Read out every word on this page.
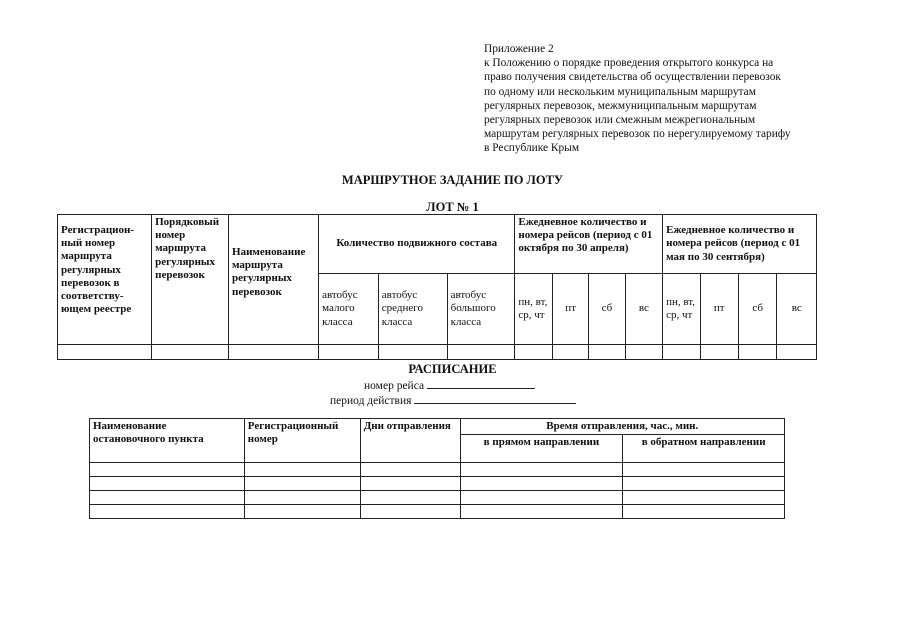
Приложение 2
к Положению о порядке проведения открытого конкурса на
право получения свидетельства об осуществлении перевозок
по одному или нескольким муниципальным маршрутам
регулярных перевозок, межмуниципальным маршрутам
регулярных перевозок или смежным межрегиональным
маршрутам регулярных перевозок по нерегулируемому тарифу
в Республике Крым
МАРШРУТНОЕ ЗАДАНИЕ ПО ЛОТУ
ЛОТ № 1
Регистрацион-ный номер маршрута регулярных перевозок в соответству-ющем реестре	Порядковый номер маршрута регулярных перевозок	Наименование маршрута регулярных перевозок	Количество подвижного состава			Ежедневное количество и номера рейсов (период с 01 октября по 30 апреля)				Ежедневное количество и номера рейсов (период с 01 мая по 30 сентября)			
			автобус малого класса	автобус среднего класса	автобус большого класса	пн, вт, ср, чт	пт	сб	вс	пн, вт, ср, чт	пт	сб	вс

РАСПИСАНИЕ
номер рейса
период действия
Наименование остановочного пункта	Регистрационный номер	Дни отправления	Время отправления, час., мин.	
			в прямом направлении	в обратном направлении
